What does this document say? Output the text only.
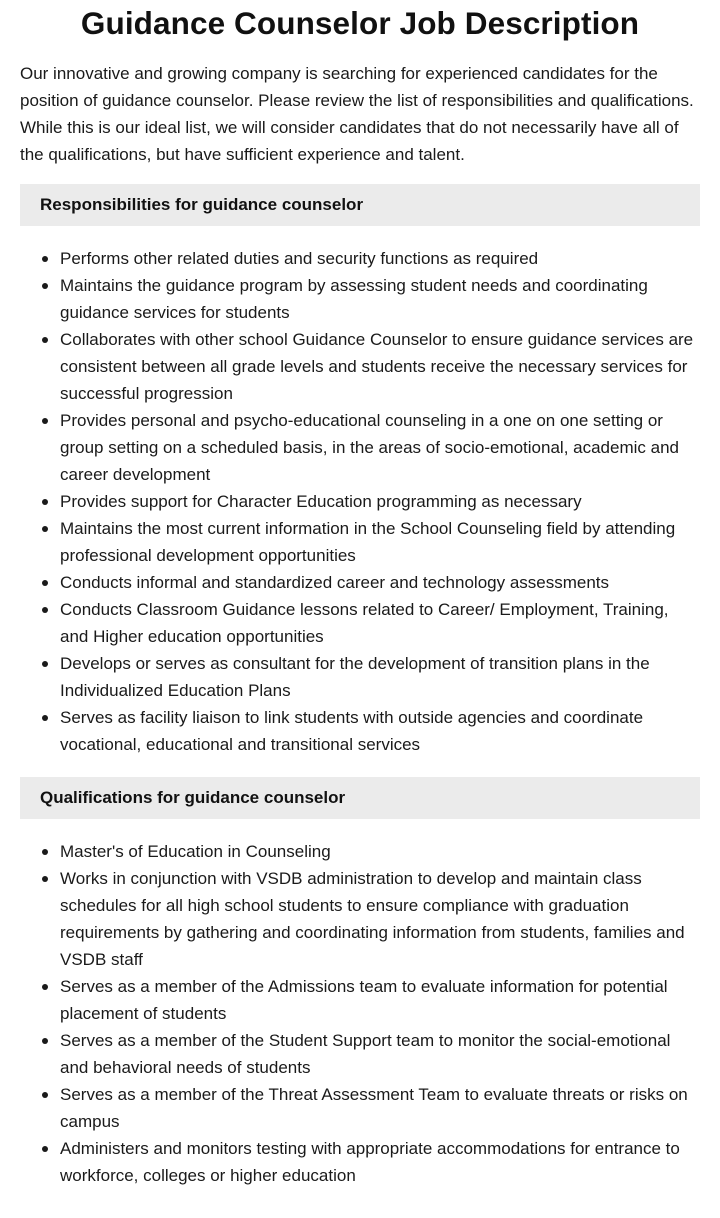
Guidance Counselor Job Description

Our innovative and growing company is searching for experienced candidates for the position of guidance counselor. Please review the list of responsibilities and qualifications. While this is our ideal list, we will consider candidates that do not necessarily have all of the qualifications, but have sufficient experience and talent.

Responsibilities for guidance counselor
Performs other related duties and security functions as required
Maintains the guidance program by assessing student needs and coordinating guidance services for students
Collaborates with other school Guidance Counselor to ensure guidance services are consistent between all grade levels and students receive the necessary services for successful progression
Provides personal and psycho-educational counseling in a one on one setting or group setting on a scheduled basis, in the areas of socio-emotional, academic and career development
Provides support for Character Education programming as necessary
Maintains the most current information in the School Counseling field by attending professional development opportunities
Conducts informal and standardized career and technology assessments
Conducts Classroom Guidance lessons related to Career/ Employment, Training, and Higher education opportunities
Develops or serves as consultant for the development of transition plans in the Individualized Education Plans
Serves as facility liaison to link students with outside agencies and coordinate vocational, educational and transitional services
Qualifications for guidance counselor
Master's of Education in Counseling
Works in conjunction with VSDB administration to develop and maintain class schedules for all high school students to ensure compliance with graduation requirements by gathering and coordinating information from students, families and VSDB staff
Serves as a member of the Admissions team to evaluate information for potential placement of students
Serves as a member of the Student Support team to monitor the social-emotional and behavioral needs of students
Serves as a member of the Threat Assessment Team to evaluate threats or risks on campus
Administers and monitors testing with appropriate accommodations for entrance to workforce, colleges or higher education
